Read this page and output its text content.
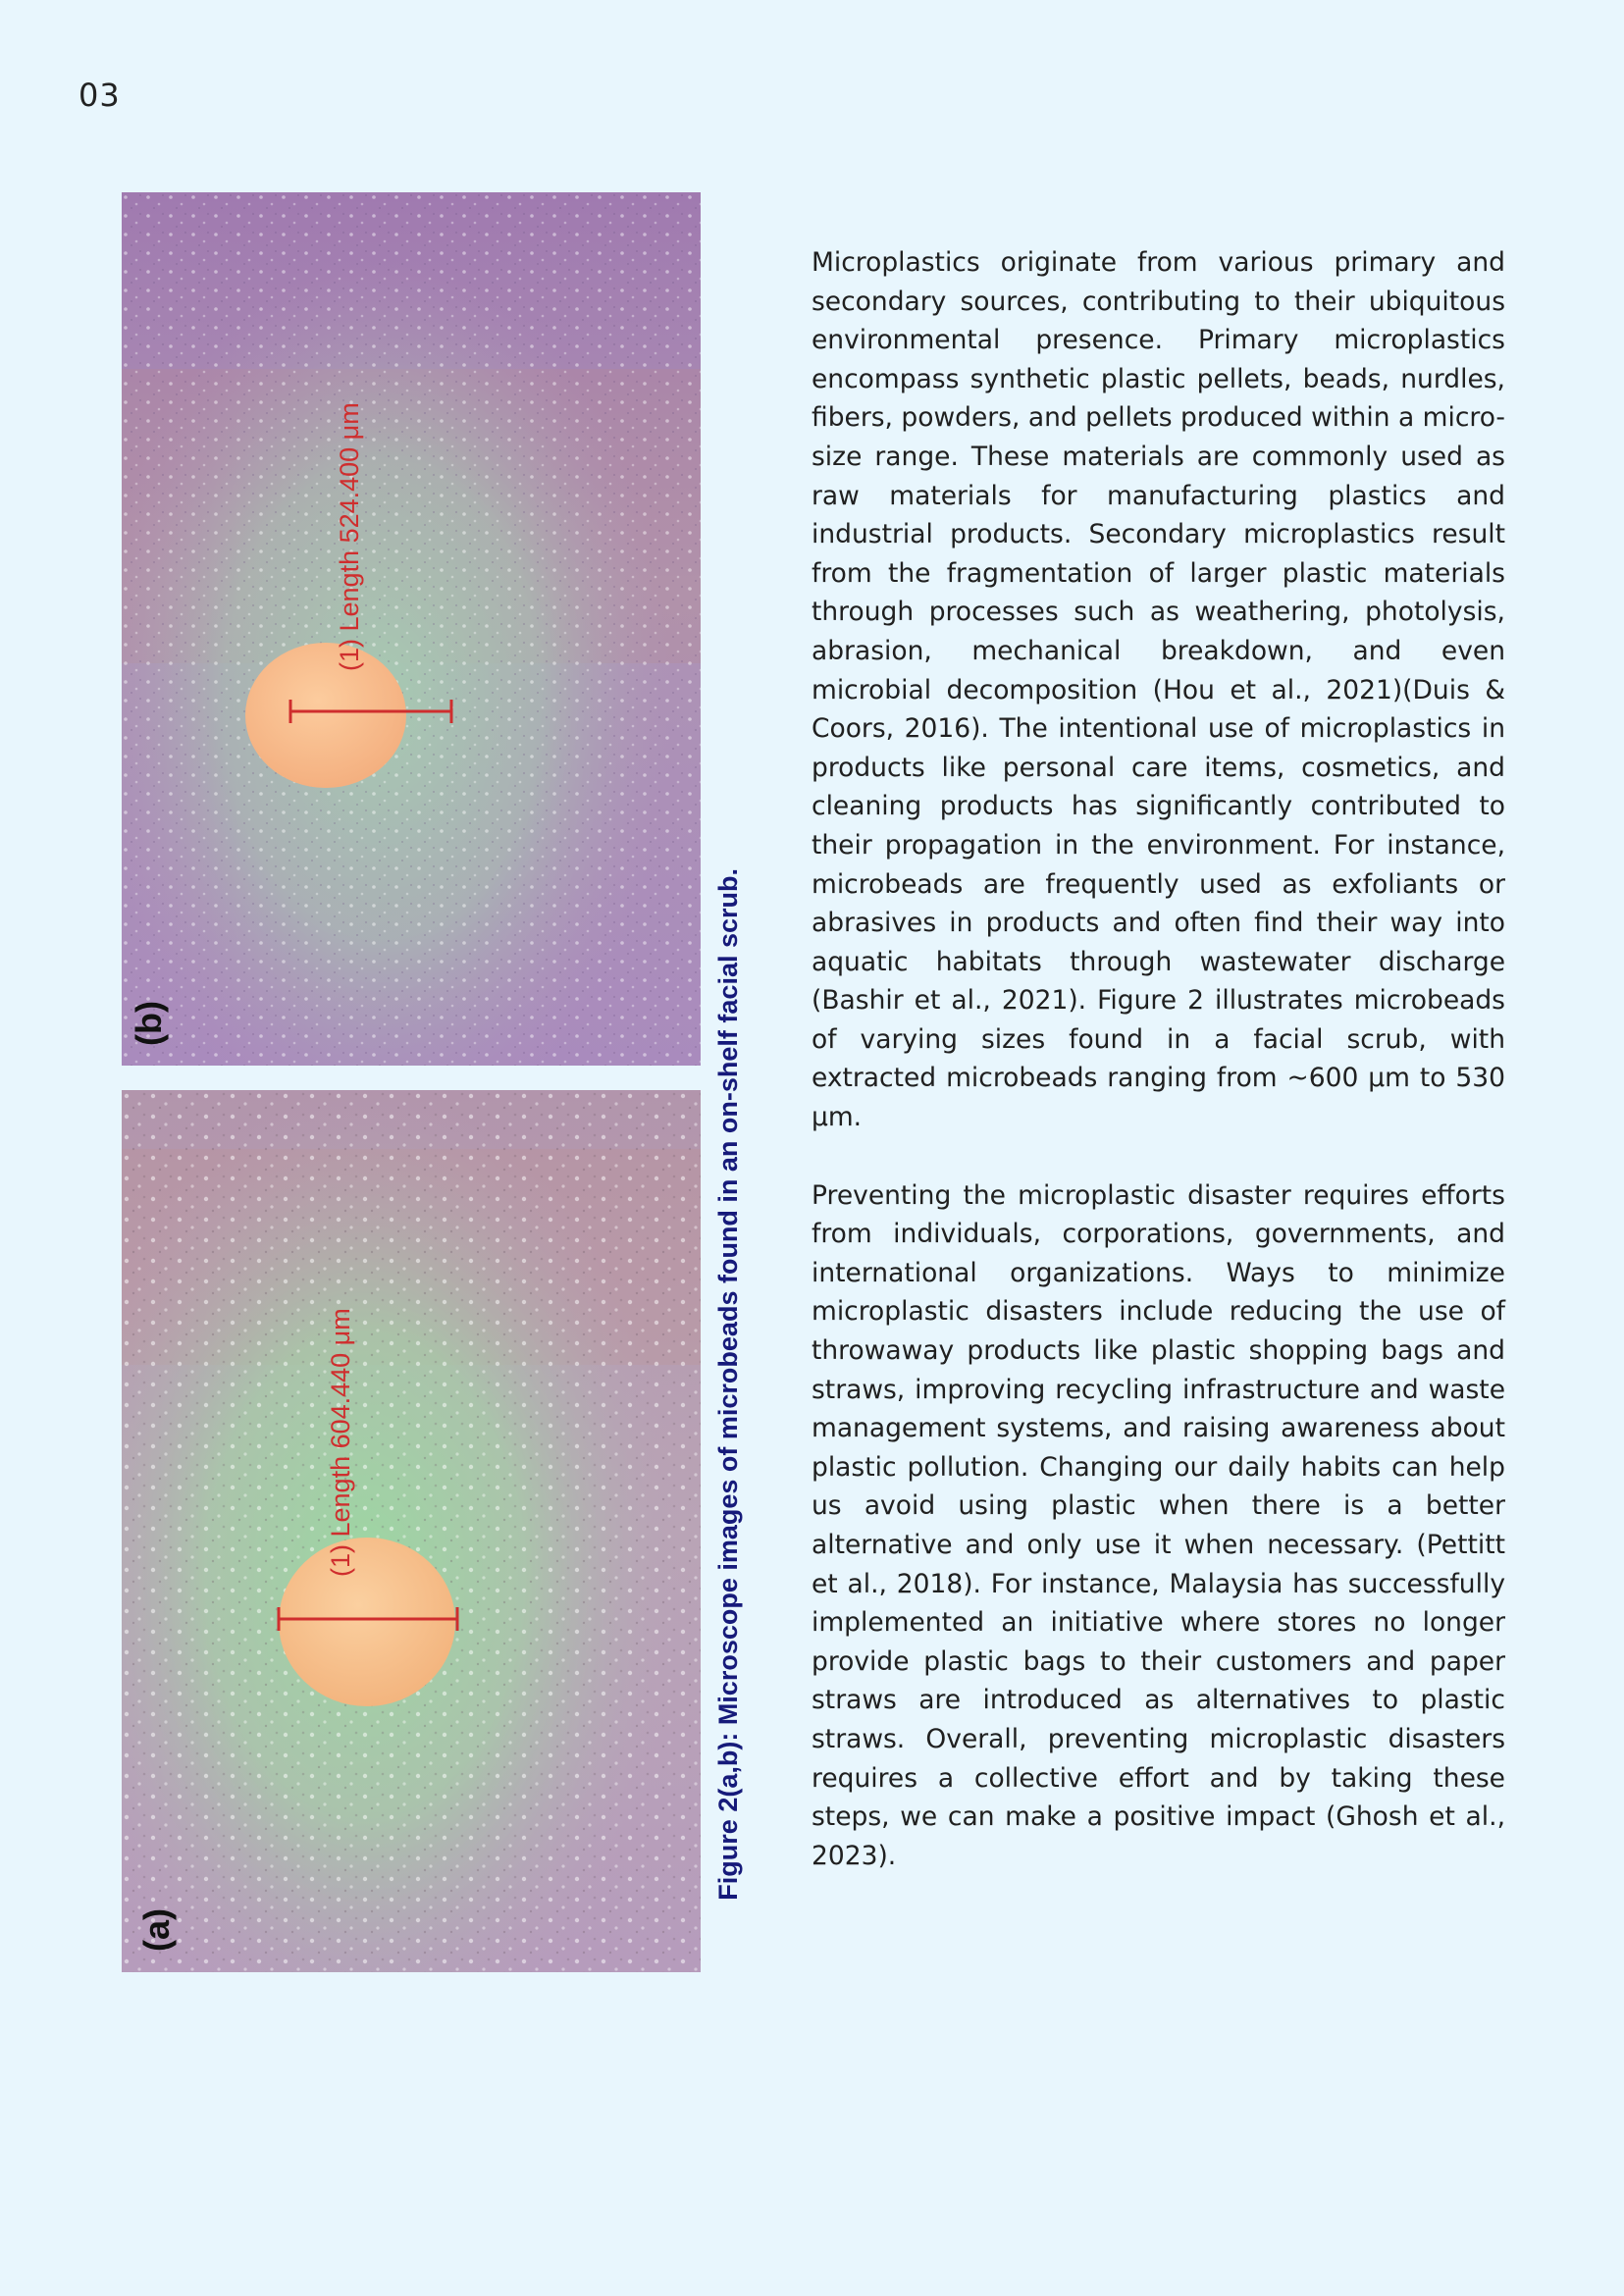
03
(1) Length 524.400 μm
(b)
(1) Length 604.440 μm
(a)
Figure 2(a,b): Microscope images of microbeads found in an on-shelf facial scrub.

Microplastics originate from various primary and secondary sources, contributing to their ubiquitous environmental presence. Primary microplastics encompass synthetic plastic pellets, beads, nurdles, fibers, powders, and pellets produced within a micro-size range. These materials are commonly used as raw materials for manufacturing plastics and industrial products. Secondary microplastics result from the fragmentation of larger plastic materials through processes such as weathering, photolysis, abrasion, mechanical breakdown, and even microbial decomposition (Hou et al., 2021)(Duis & Coors, 2016). The intentional use of microplastics in products like personal care items, cosmetics, and cleaning products has significantly contributed to their propagation in the environment. For instance, microbeads are frequently used as exfoliants or abrasives in products and often find their way into aquatic habitats through wastewater discharge (Bashir et al., 2021). Figure 2 illustrates microbeads of varying sizes found in a facial scrub, with extracted microbeads ranging from ~600 μm to 530 μm.

Preventing the microplastic disaster requires efforts from individuals, corporations, governments, and international organizations. Ways to minimize microplastic disasters include reducing the use of throwaway products like plastic shopping bags and straws, improving recycling infrastructure and waste management systems, and raising awareness about plastic pollution. Changing our daily habits can help us avoid using plastic when there is a better alternative and only use it when necessary. (Pettitt et al., 2018). For instance, Malaysia has successfully implemented an initiative where stores no longer provide plastic bags to their customers and paper straws are introduced as alternatives to plastic straws. Overall, preventing microplastic disasters requires a collective effort and by taking these steps, we can make a positive impact (Ghosh et al., 2023).
